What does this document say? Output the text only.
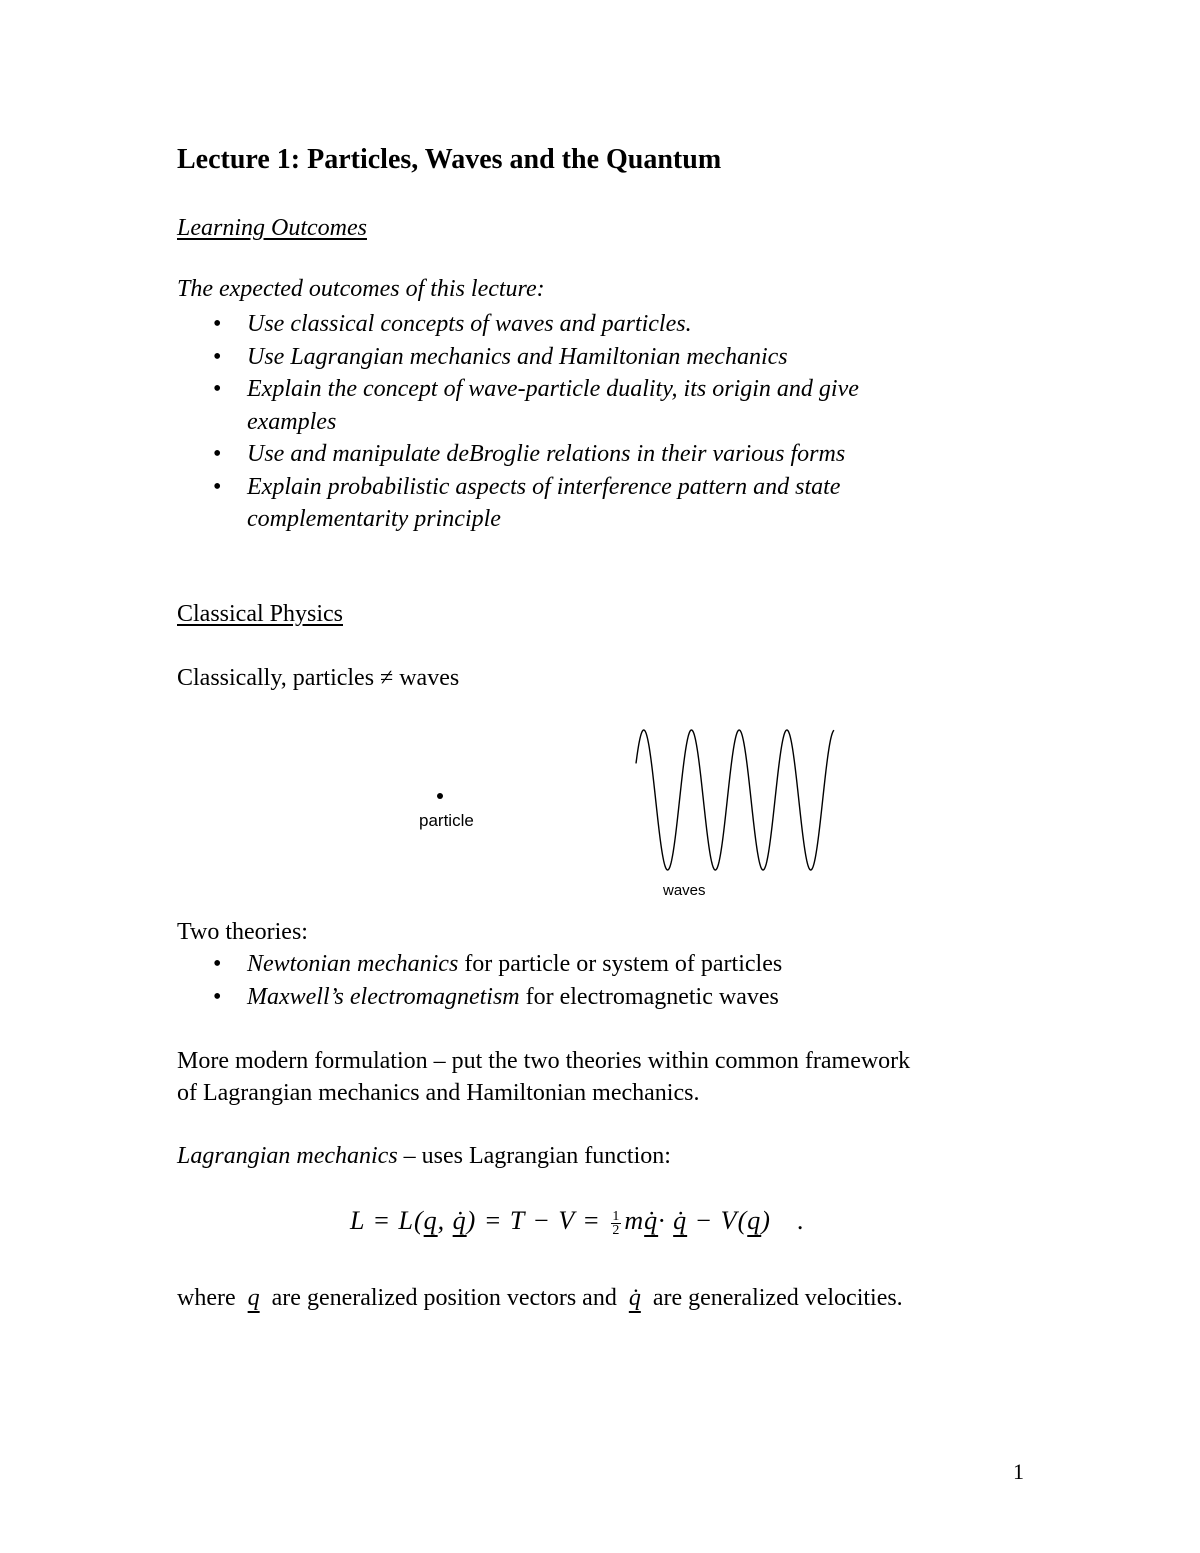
Lecture 1: Particles, Waves and the Quantum
Learning Outcomes
The expected outcomes of this lecture:
• Use classical concepts of waves and particles.
• Use Lagrangian mechanics and Hamiltonian mechanics
• Explain the concept of wave-particle duality, its origin and give examples
• Use and manipulate deBroglie relations in their various forms
• Explain probabilistic aspects of interference pattern and state complementarity principle
Classical Physics
Classically, particles ≠ waves
particle
waves
Two theories:
• Newtonian mechanics for particle or system of particles
• Maxwell’s electromagnetism for electromagnetic waves
More modern formulation – put the two theories within common framework
of Lagrangian mechanics and Hamiltonian mechanics.
Lagrangian mechanics – uses Lagrangian function:
L = L(q, q̇) = $T - V = \frac{1}{2}$ mq̇· q̇ − V(q) .
where q are generalized position vectors and q̇ are generalized velocities.
1
